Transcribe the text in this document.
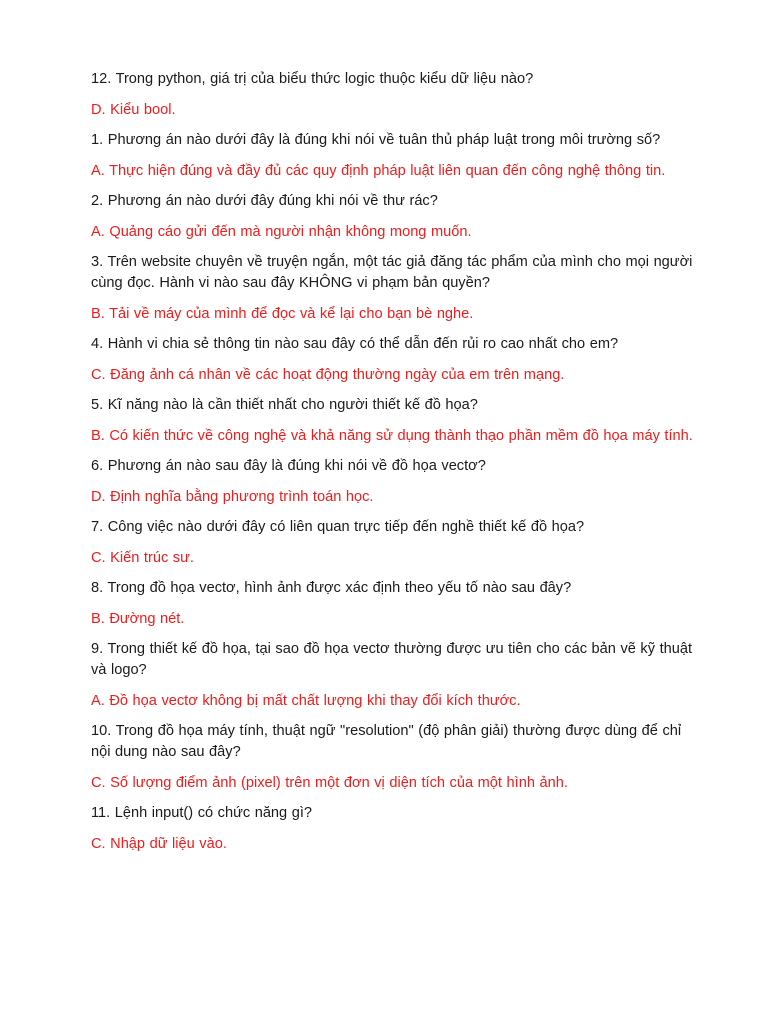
12. Trong python, giá trị của biểu thức logic thuộc kiểu dữ liệu nào?

D. Kiểu bool.

1. Phương án nào dưới đây là đúng khi nói về tuân thủ pháp luật trong môi trường số?

A. Thực hiện đúng và đầy đủ các quy định pháp luật liên quan đến công nghệ thông tin.

2. Phương án nào dưới đây đúng khi nói về thư rác?

A. Quảng cáo gửi đến mà người nhận không mong muốn.

3. Trên website chuyên về truyện ngắn, một tác giả đăng tác phẩm của mình cho mọi người cùng đọc. Hành vi nào sau đây KHÔNG vi phạm bản quyền?

B. Tải về máy của mình để đọc và kể lại cho bạn bè nghe.

4. Hành vi chia sẻ thông tin nào sau đây có thể dẫn đến rủi ro cao nhất cho em?

C. Đăng ảnh cá nhân về các hoạt động thường ngày của em trên mạng.

5. Kĩ năng nào là cần thiết nhất cho người thiết kế đồ họa?

B. Có kiến thức về công nghệ và khả năng sử dụng thành thạo phần mềm đồ họa máy tính.

6. Phương án nào sau đây là đúng khi nói về đồ họa vectơ?

D. Định nghĩa bằng phương trình toán học.

7. Công việc nào dưới đây có liên quan trực tiếp đến nghề thiết kế đồ họa?

C. Kiến trúc sư.

8. Trong đồ họa vectơ, hình ảnh được xác định theo yếu tố nào sau đây?

B. Đường nét.

9. Trong thiết kế đồ họa, tại sao đồ họa vectơ thường được ưu tiên cho các bản vẽ kỹ thuật và logo?

A. Đồ họa vectơ không bị mất chất lượng khi thay đổi kích thước.

10. Trong đồ họa máy tính, thuật ngữ "resolution" (độ phân giải) thường được dùng để chỉ nội dung nào sau đây?

C. Số lượng điểm ảnh (pixel) trên một đơn vị diện tích của một hình ảnh.

11. Lệnh input() có chức năng gì?

C. Nhập dữ liệu vào.
